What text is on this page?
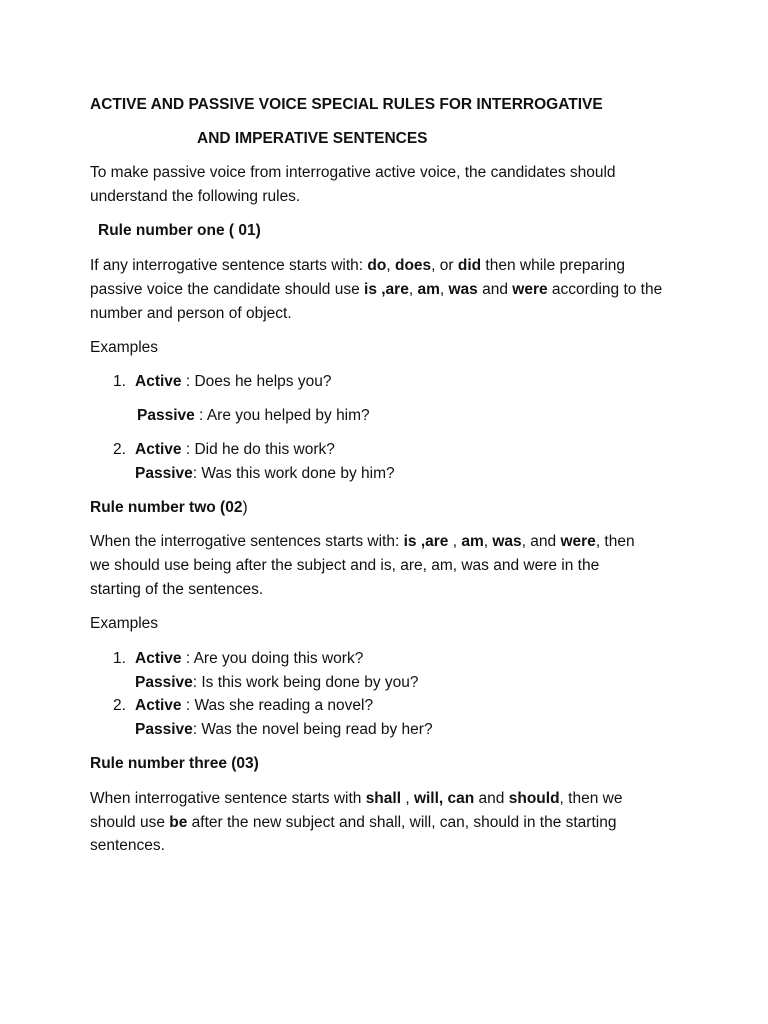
ACTIVE AND PASSIVE VOICE SPECIAL RULES FOR INTERROGATIVE
AND IMPERATIVE SENTENCES
To make passive voice from interrogative active voice, the candidates should
understand the following rules.
Rule number one ( 01)
If any interrogative sentence starts with: do, does, or did then while preparing
passive voice the candidate should use is ,are, am, was and were according to the
number and person of object.
Examples
1. Active : Does he helps you?
Passive : Are you helped by him?
2. Active : Did he do this work?
Passive: Was this work done by him?
Rule number two (02)
When the interrogative sentences starts with: is ,are , am, was, and were, then
we should use being after the subject and is, are, am, was and were in the
starting of the sentences.
Examples
1. Active : Are you doing this work?
Passive: Is this work being done by you?
2. Active : Was she reading a novel?
Passive: Was the novel being read by her?
Rule number three (03)
When interrogative sentence starts with shall , will, can and should, then we
should use be after the new subject and shall, will, can, should in the starting
sentences.
